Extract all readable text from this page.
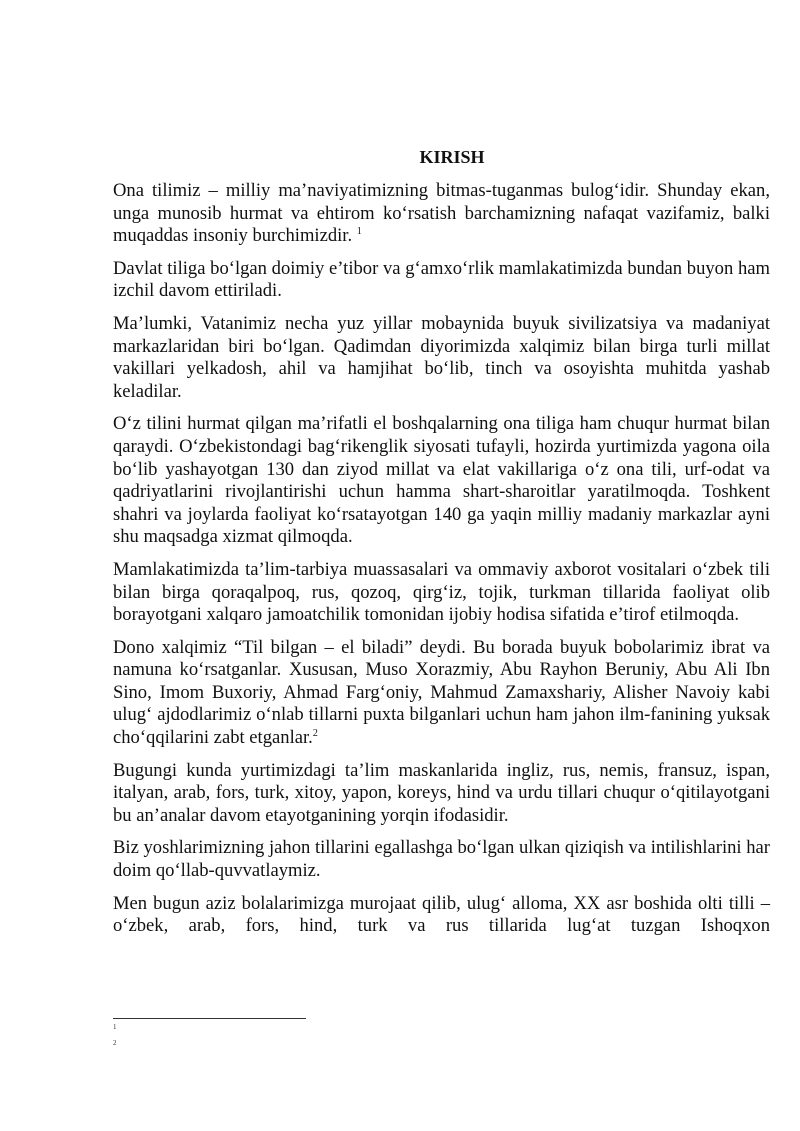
KIRISH

Ona tilimiz – milliy ma’naviyatimizning bitmas-tuganmas bulog‘idir. Shunday ekan, unga munosib hurmat va ehtirom ko‘rsatish barchamizning nafaqat vazifamiz, balki muqaddas insoniy burchimizdir. $^1$

Davlat tiliga bo‘lgan doimiy e’tibor va g‘amxo‘rlik mamlakatimizda bundan buyon ham izchil davom ettiriladi.

Ma’lumki, Vatanimiz necha yuz yillar mobaynida buyuk sivilizatsiya va madaniyat markazlaridan biri bo‘lgan. Qadimdan diyorimizda xalqimiz bilan birga turli millat vakillari yelkadosh, ahil va hamjihat bo‘lib, tinch va osoyishta muhitda yashab keladilar.

O‘z tilini hurmat qilgan ma’rifatli el boshqalarning ona tiliga ham chuqur hurmat bilan qaraydi. O‘zbekistondagi bag‘rikenglik siyosati tufayli, hozirda yurtimizda yagona oila bo‘lib yashayotgan 130 dan ziyod millat va elat vakillariga o‘z ona tili, urf-odat va qadriyatlarini rivojlantirishi uchun hamma shart-sharoitlar yaratilmoqda. Toshkent shahri va joylarda faoliyat ko‘rsatayotgan 140 ga yaqin milliy madaniy markazlar ayni shu maqsadga xizmat qilmoqda.

Mamlakatimizda ta’lim-tarbiya muassasalari va ommaviy axborot vositalari o‘zbek tili bilan birga qoraqalpoq, rus, qozoq, qirg‘iz, tojik, turkman tillarida faoliyat olib borayotgani xalqaro jamoatchilik tomonidan ijobiy hodisa sifatida e’tirof etilmoqda.

Dono xalqimiz “Til bilgan – el biladi” deydi. Bu borada buyuk bobolarimiz ibrat va namuna ko‘rsatganlar. Xususan, Muso Xorazmiy, Abu Rayhon Beruniy, Abu Ali Ibn Sino, Imom Buxoriy, Ahmad Farg‘oniy, Mahmud Zamaxshariy, Alisher Navoiy kabi ulug‘ ajdodlarimiz o‘nlab tillarni puxta bilganlari uchun ham jahon ilm-fanining yuksak cho‘qqilarini zabt etganlar.$^2$

Bugungi kunda yurtimizdagi ta’lim maskanlarida ingliz, rus, nemis, fransuz, ispan, italyan, arab, fors, turk, xitoy, yapon, koreys, hind va urdu tillari chuqur o‘qitilayotgani bu an’analar davom etayotganining yorqin ifodasidir.

Biz yoshlarimizning jahon tillarini egallashga bo‘lgan ulkan qiziqish va intilishlarini har doim qo‘llab-quvvatlaymiz.

Men bugun aziz bolalarimizga murojaat qilib, ulug‘ alloma, XX asr boshida olti tilli – o‘zbek, arab, fors, hind, turk va rus tillarida lug‘at tuzgan Ishoqxon

1
2
